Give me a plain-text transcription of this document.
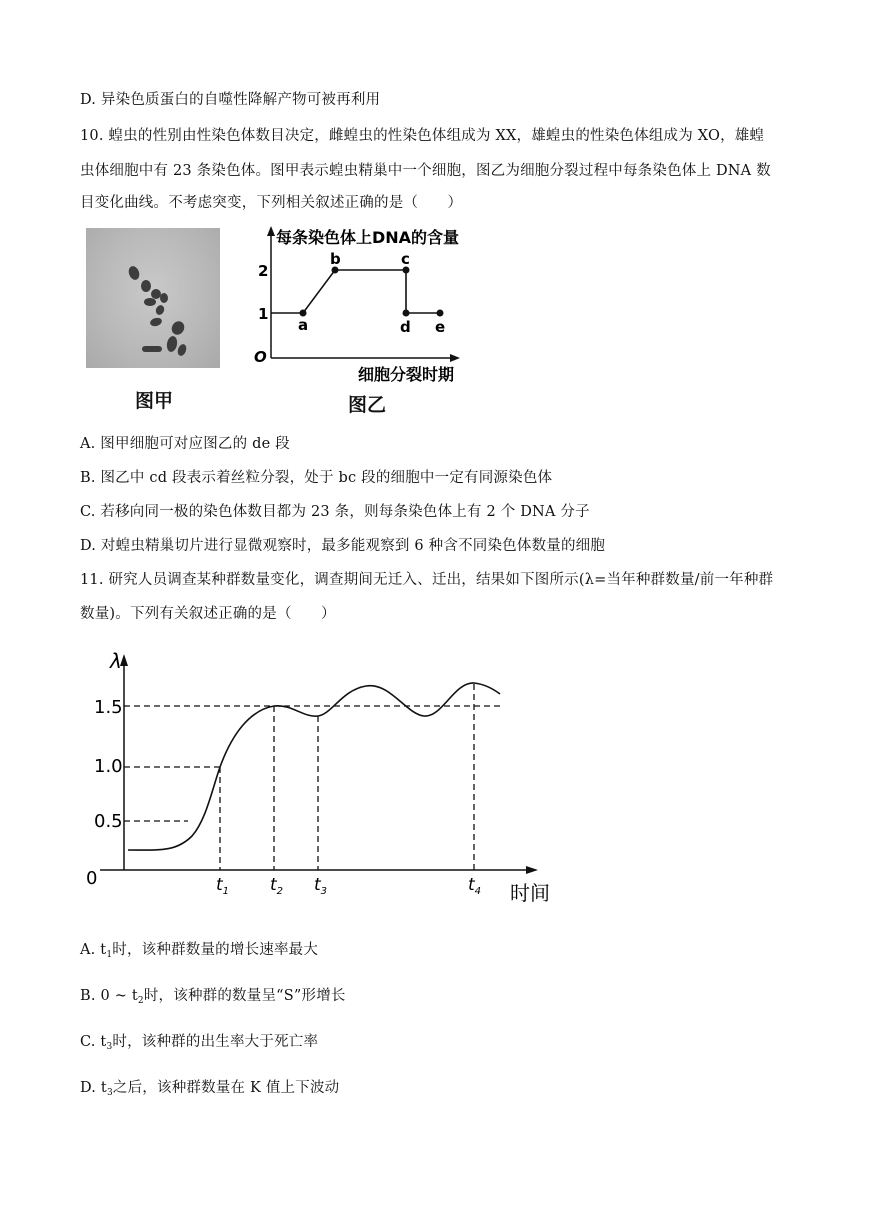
D. 异染色质蛋白的自噬性降解产物可被再利用
10. 蝗虫的性别由性染色体数目决定，雌蝗虫的性染色体组成为 XX，雄蝗虫的性染色体组成为 XO，雄蝗
虫体细胞中有 23 条染色体。图甲表示蝗虫精巢中一个细胞，图乙为细胞分裂过程中每条染色体上 DNA 数
目变化曲线。不考虑突变，下列相关叙述正确的是（　　）
图甲
每条染色体上DNA的含量
细胞分裂时期
O
2
1
a
b	c
d e
图乙
A. 图甲细胞可对应图乙的 de 段
B. 图乙中 cd 段表示着丝粒分裂，处于 bc 段的细胞中一定有同源染色体
C. 若移向同一极的染色体数目都为 23 条，则每条染色体上有 2 个 DNA 分子
D. 对蝗虫精巢切片进行显微观察时，最多能观察到 6 种含不同染色体数量的细胞
11. 研究人员调查某种群数量变化，调查期间无迁入、迁出，结果如下图所示(λ=当年种群数量/前一年种群
数量)。下列有关叙述正确的是（　　）
λ
时间
0
0.5
1.0
1.5
$t_1$ $t_2$ $t_3$	$t_4$
A. $t_1$时，该种群数量的增长速率最大
B. 0 ~ $t_2$时，该种群的数量呈“S”形增长
C. $t_3$时，该种群的出生率大于死亡率
D. $t_3$之后，该种群数量在 K 值上下波动
